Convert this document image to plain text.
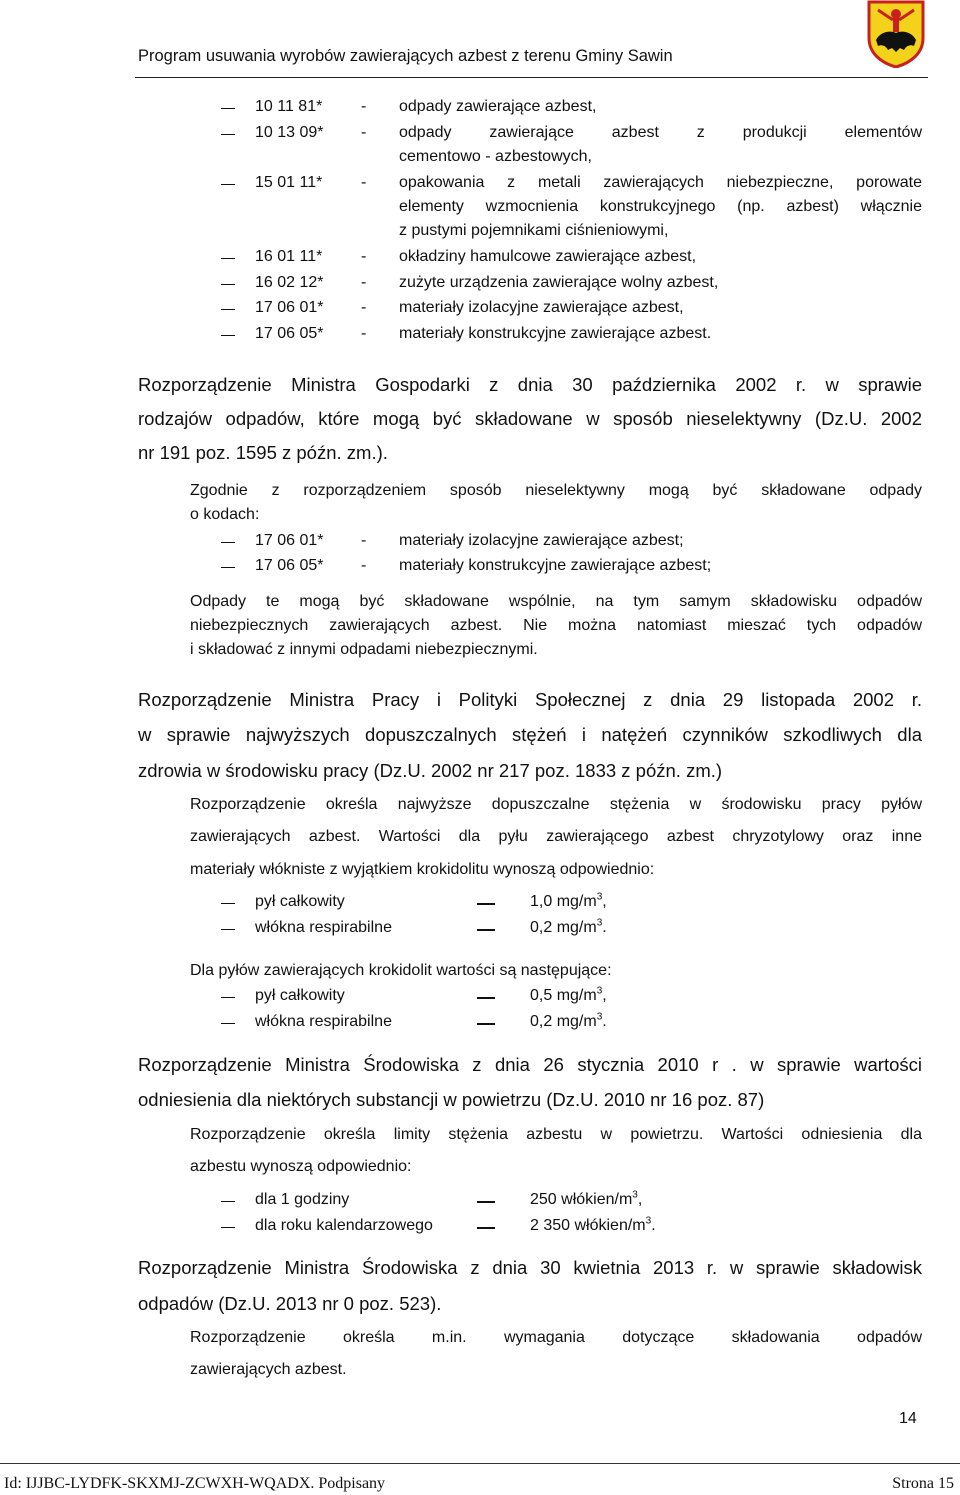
Program usuwania wyrobów zawierających azbest z terenu Gminy Sawin
10 11 81* - odpady zawierające azbest,
10 13 09* - odpady zawierające azbest z produkcji elementów
cementowo - azbestowych,
15 01 11* - opakowania z metali zawierających niebezpieczne, porowate
elementy wzmocnienia konstrukcyjnego (np. azbest) włącznie
z pustymi pojemnikami ciśnieniowymi,
16 01 11* - okładziny hamulcowe zawierające azbest,
16 02 12* - zużyte urządzenia zawierające wolny azbest,
17 06 01* - materiały izolacyjne zawierające azbest,
17 06 05* - materiały konstrukcyjne zawierające azbest.
Rozporządzenie Ministra Gospodarki z dnia 30 października 2002 r. w sprawie
rodzajów odpadów, które mogą być składowane w sposób nieselektywny (Dz.U. 2002
nr 191 poz. 1595 z późn. zm.).
Zgodnie z rozporządzeniem sposób nieselektywny mogą być składowane odpady
o kodach:
17 06 01* - materiały izolacyjne zawierające azbest;
17 06 05* - materiały konstrukcyjne zawierające azbest;
Odpady te mogą być składowane wspólnie, na tym samym składowisku odpadów
niebezpiecznych zawierających azbest. Nie można natomiast mieszać tych odpadów
i składować z innymi odpadami niebezpiecznymi.
Rozporządzenie Ministra Pracy i Polityki Społecznej z dnia 29 listopada 2002 r.
w sprawie najwyższych dopuszczalnych stężeń i natężeń czynników szkodliwych dla
zdrowia w środowisku pracy (Dz.U. 2002 nr 217 poz. 1833 z późn. zm.)
Rozporządzenie określa najwyższe dopuszczalne stężenia w środowisku pracy pyłów
zawierających azbest. Wartości dla pyłu zawierającego azbest chryzotylowy oraz inne
materiały włókniste z wyjątkiem krokidolitu wynoszą odpowiednio:
pył całkowity	1,0 $mg/m^3$,
włókna respirabilne	0,2 $mg/m^3$.
Dla pyłów zawierających krokidolit wartości są następujące:
pył całkowity	0,5 $mg/m^3$,
włókna respirabilne	0,2 $mg/m^3$.
Rozporządzenie Ministra Środowiska z dnia 26 stycznia 2010 r . w sprawie wartości
odniesienia dla niektórych substancji w powietrzu (Dz.U. 2010 nr 16 poz. 87)
Rozporządzenie określa limity stężenia azbestu w powietrzu. Wartości odniesienia dla
azbestu wynoszą odpowiednio:
dla 1 godziny	250 włókien/$m^3$,
dla roku kalendarzowego	2 350 włókien/$m^3$.
Rozporządzenie Ministra Środowiska z dnia 30 kwietnia 2013 r. w sprawie składowisk
odpadów (Dz.U. 2013 nr 0 poz. 523).
Rozporządzenie określa m.in. wymagania dotyczące składowania odpadów
zawierających azbest.
14
Id: IJJBC-LYDFK-SKXMJ-ZCWXH-WQADX. Podpisany	Strona 15
